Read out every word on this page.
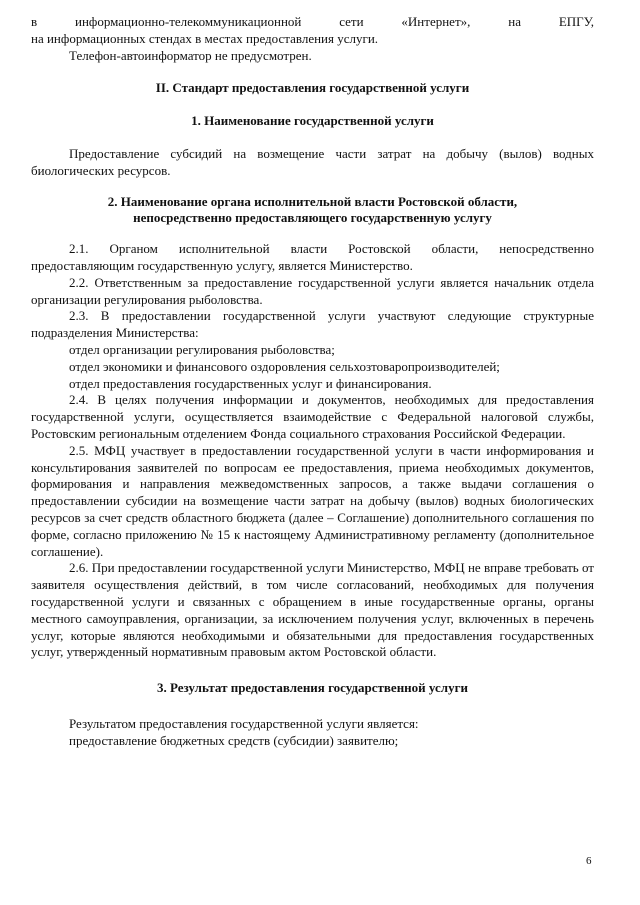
в информационно-телекоммуникационной сети «Интернет», на ЕПГУ,

на информационных стендах в местах предоставления услуги.

Телефон-автоинформатор не предусмотрен.

II. Стандарт предоставления государственной услуги

1. Наименование государственной услуги

Предоставление субсидий на возмещение части затрат на добычу (вылов) водных биологических ресурсов.

2. Наименование органа исполнительной власти Ростовской области,

непосредственно предоставляющего государственную услугу

2.1. Органом исполнительной власти Ростовской области, непосредственно предоставляющим государственную услугу, является Министерство.

2.2. Ответственным за предоставление государственной услуги является начальник отдела организации регулирования рыболовства.

2.3. В предоставлении государственной услуги участвуют следующие структурные подразделения Министерства:

отдел организации регулирования рыболовства;

отдел экономики и финансового оздоровления сельхозтоваропроизводителей;

отдел предоставления государственных услуг и финансирования.

2.4. В целях получения информации и документов, необходимых для предоставления государственной услуги, осуществляется взаимодействие с Федеральной налоговой службы, Ростовским региональным отделением Фонда социального страхования Российской Федерации.

2.5. МФЦ участвует в предоставлении государственной услуги в части информирования и консультирования заявителей по вопросам ее предоставления, приема необходимых документов, формирования и направления межведомственных запросов, а также выдачи соглашения о предоставлении субсидии на возмещение части затрат на добычу (вылов) водных биологических ресурсов за счет средств областного бюджета (далее – Соглашение) дополнительного соглашения по форме, согласно приложению № 15 к настоящему Административному регламенту (дополнительное соглашение).

2.6. При предоставлении государственной услуги Министерство, МФЦ не вправе требовать от заявителя осуществления действий, в том числе согласований, необходимых для получения государственной услуги и связанных с обращением в иные государственные органы, органы местного самоуправления, организации, за исключением получения услуг, включенных в перечень услуг, которые являются необходимыми и обязательными для предоставления государственных услуг, утвержденный нормативным правовым актом Ростовской области.

3. Результат предоставления государственной услуги

Результатом предоставления государственной услуги является:

предоставление бюджетных средств (субсидии) заявителю;

6
